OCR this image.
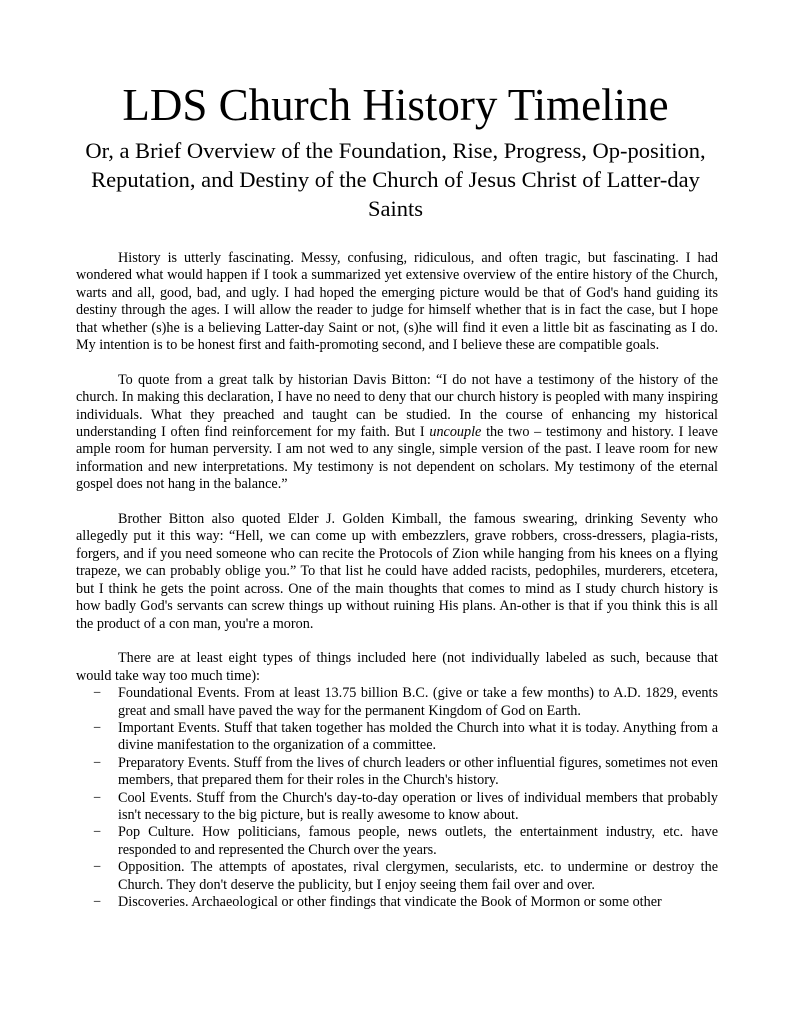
LDS Church History Timeline
Or, a Brief Overview of the Foundation, Rise, Progress, Op-position, Reputation, and Destiny of the Church of Jesus Christ of Latter-day Saints

History is utterly fascinating. Messy, confusing, ridiculous, and often tragic, but fascinating. I had wondered what would happen if I took a summarized yet extensive overview of the entire history of the Church, warts and all, good, bad, and ugly. I had hoped the emerging picture would be that of God's hand guiding its destiny through the ages. I will allow the reader to judge for himself whether that is in fact the case, but I hope that whether (s)he is a believing Latter-day Saint or not, (s)he will find it even a little bit as fascinating as I do. My intention is to be honest first and faith-promoting second, and I believe these are compatible goals.

To quote from a great talk by historian Davis Bitton: “I do not have a testimony of the history of the church. In making this declaration, I have no need to deny that our church history is peopled with many inspiring individuals. What they preached and taught can be studied. In the course of enhancing my historical understanding I often find reinforcement for my faith. But I uncouple the two – testimony and history. I leave ample room for human perversity. I am not wed to any single, simple version of the past. I leave room for new information and new interpretations. My testimony is not dependent on scholars. My testimony of the eternal gospel does not hang in the balance.”

Brother Bitton also quoted Elder J. Golden Kimball, the famous swearing, drinking Seventy who allegedly put it this way: “Hell, we can come up with embezzlers, grave robbers, cross-dressers, plagia-rists, forgers, and if you need someone who can recite the Protocols of Zion while hanging from his knees on a flying trapeze, we can probably oblige you.” To that list he could have added racists, pedophiles, murderers, etcetera, but I think he gets the point across. One of the main thoughts that comes to mind as I study church history is how badly God's servants can screw things up without ruining His plans. An-other is that if you think this is all the product of a con man, you're a moron.

There are at least eight types of things included here (not individually labeled as such, because that would take way too much time):

− Foundational Events. From at least 13.75 billion B.C. (give or take a few months) to A.D. 1829, events great and small have paved the way for the permanent Kingdom of God on Earth.
− Important Events. Stuff that taken together has molded the Church into what it is today. Anything from a divine manifestation to the organization of a committee.
− Preparatory Events. Stuff from the lives of church leaders or other influential figures, sometimes not even members, that prepared them for their roles in the Church's history.
− Cool Events. Stuff from the Church's day-to-day operation or lives of individual members that probably isn't necessary to the big picture, but is really awesome to know about.
− Pop Culture. How politicians, famous people, news outlets, the entertainment industry, etc. have responded to and represented the Church over the years.
− Opposition. The attempts of apostates, rival clergymen, secularists, etc. to undermine or destroy the Church. They don't deserve the publicity, but I enjoy seeing them fail over and over.
− Discoveries. Archaeological or other findings that vindicate the Book of Mormon or some other
